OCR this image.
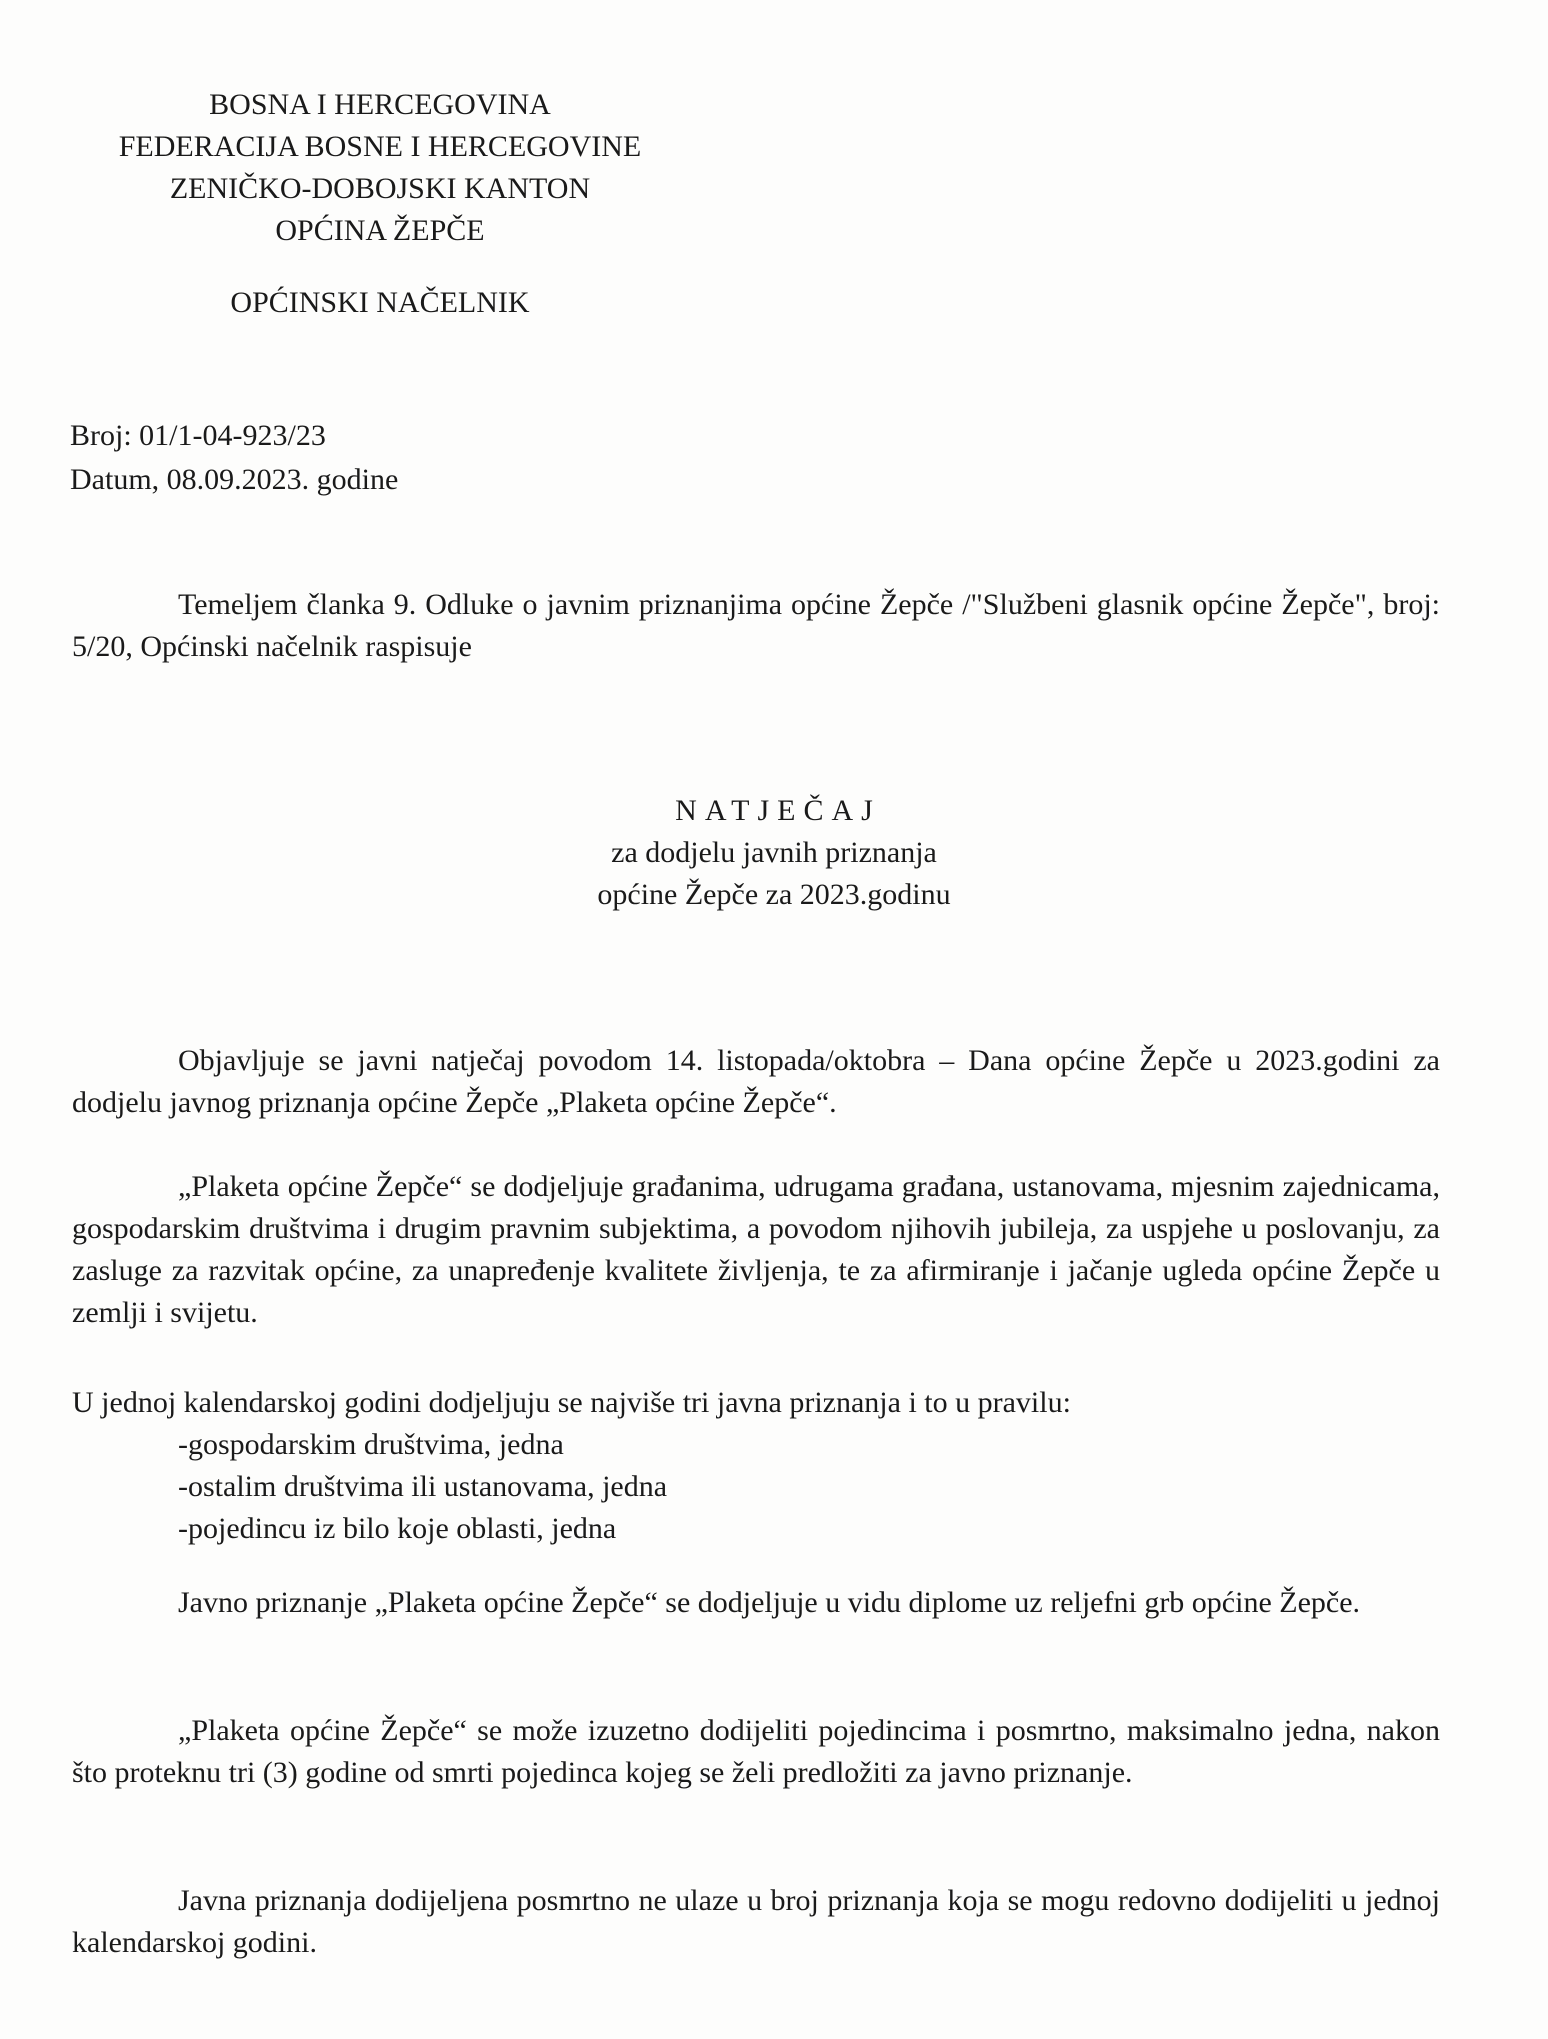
BOSNA I HERCEGOVINA
FEDERACIJA BOSNE I HERCEGOVINE
ZENIČKO-DOBOJSKI KANTON
OPĆINA ŽEPČE
OPĆINSKI NAČELNIK
Broj: 01/1-04-923/23
Datum, 08.09.2023. godine

Temeljem članka 9. Odluke o javnim priznanjima općine Žepče /"Službeni glasnik općine Žepče", broj: 5/20, Općinski načelnik raspisuje

NATJEČAJ
za dodjelu javnih priznanja
općine Žepče za 2023.godinu

Objavljuje se javni natječaj povodom 14. listopada/oktobra – Dana općine Žepče u 2023.godini za dodjelu javnog priznanja općine Žepče „Plaketa općine Žepče“.

„Plaketa općine Žepče“ se dodjeljuje građanima, udrugama građana, ustanovama, mjesnim zajednicama, gospodarskim društvima i drugim pravnim subjektima, a povodom njihovih jubileja, za uspjehe u poslovanju, za zasluge za razvitak općine, za unapređenje kvalitete življenja, te za afirmiranje i jačanje ugleda općine Žepče u zemlji i svijetu.

U jednoj kalendarskoj godini dodjeljuju se najviše tri javna priznanja i to u pravilu:

-gospodarskim društvima, jedna
-ostalim društvima ili ustanovama, jedna
-pojedincu iz bilo koje oblasti, jedna

Javno priznanje „Plaketa općine Žepče“ se dodjeljuje u vidu diplome uz reljefni grb općine Žepče.

„Plaketa općine Žepče“ se može izuzetno dodijeliti pojedincima i posmrtno, maksimalno jedna, nakon što proteknu tri (3) godine od smrti pojedinca kojeg se želi predložiti za javno priznanje.

Javna priznanja dodijeljena posmrtno ne ulaze u broj priznanja koja se mogu redovno dodijeliti u jednoj kalendarskoj godini.
